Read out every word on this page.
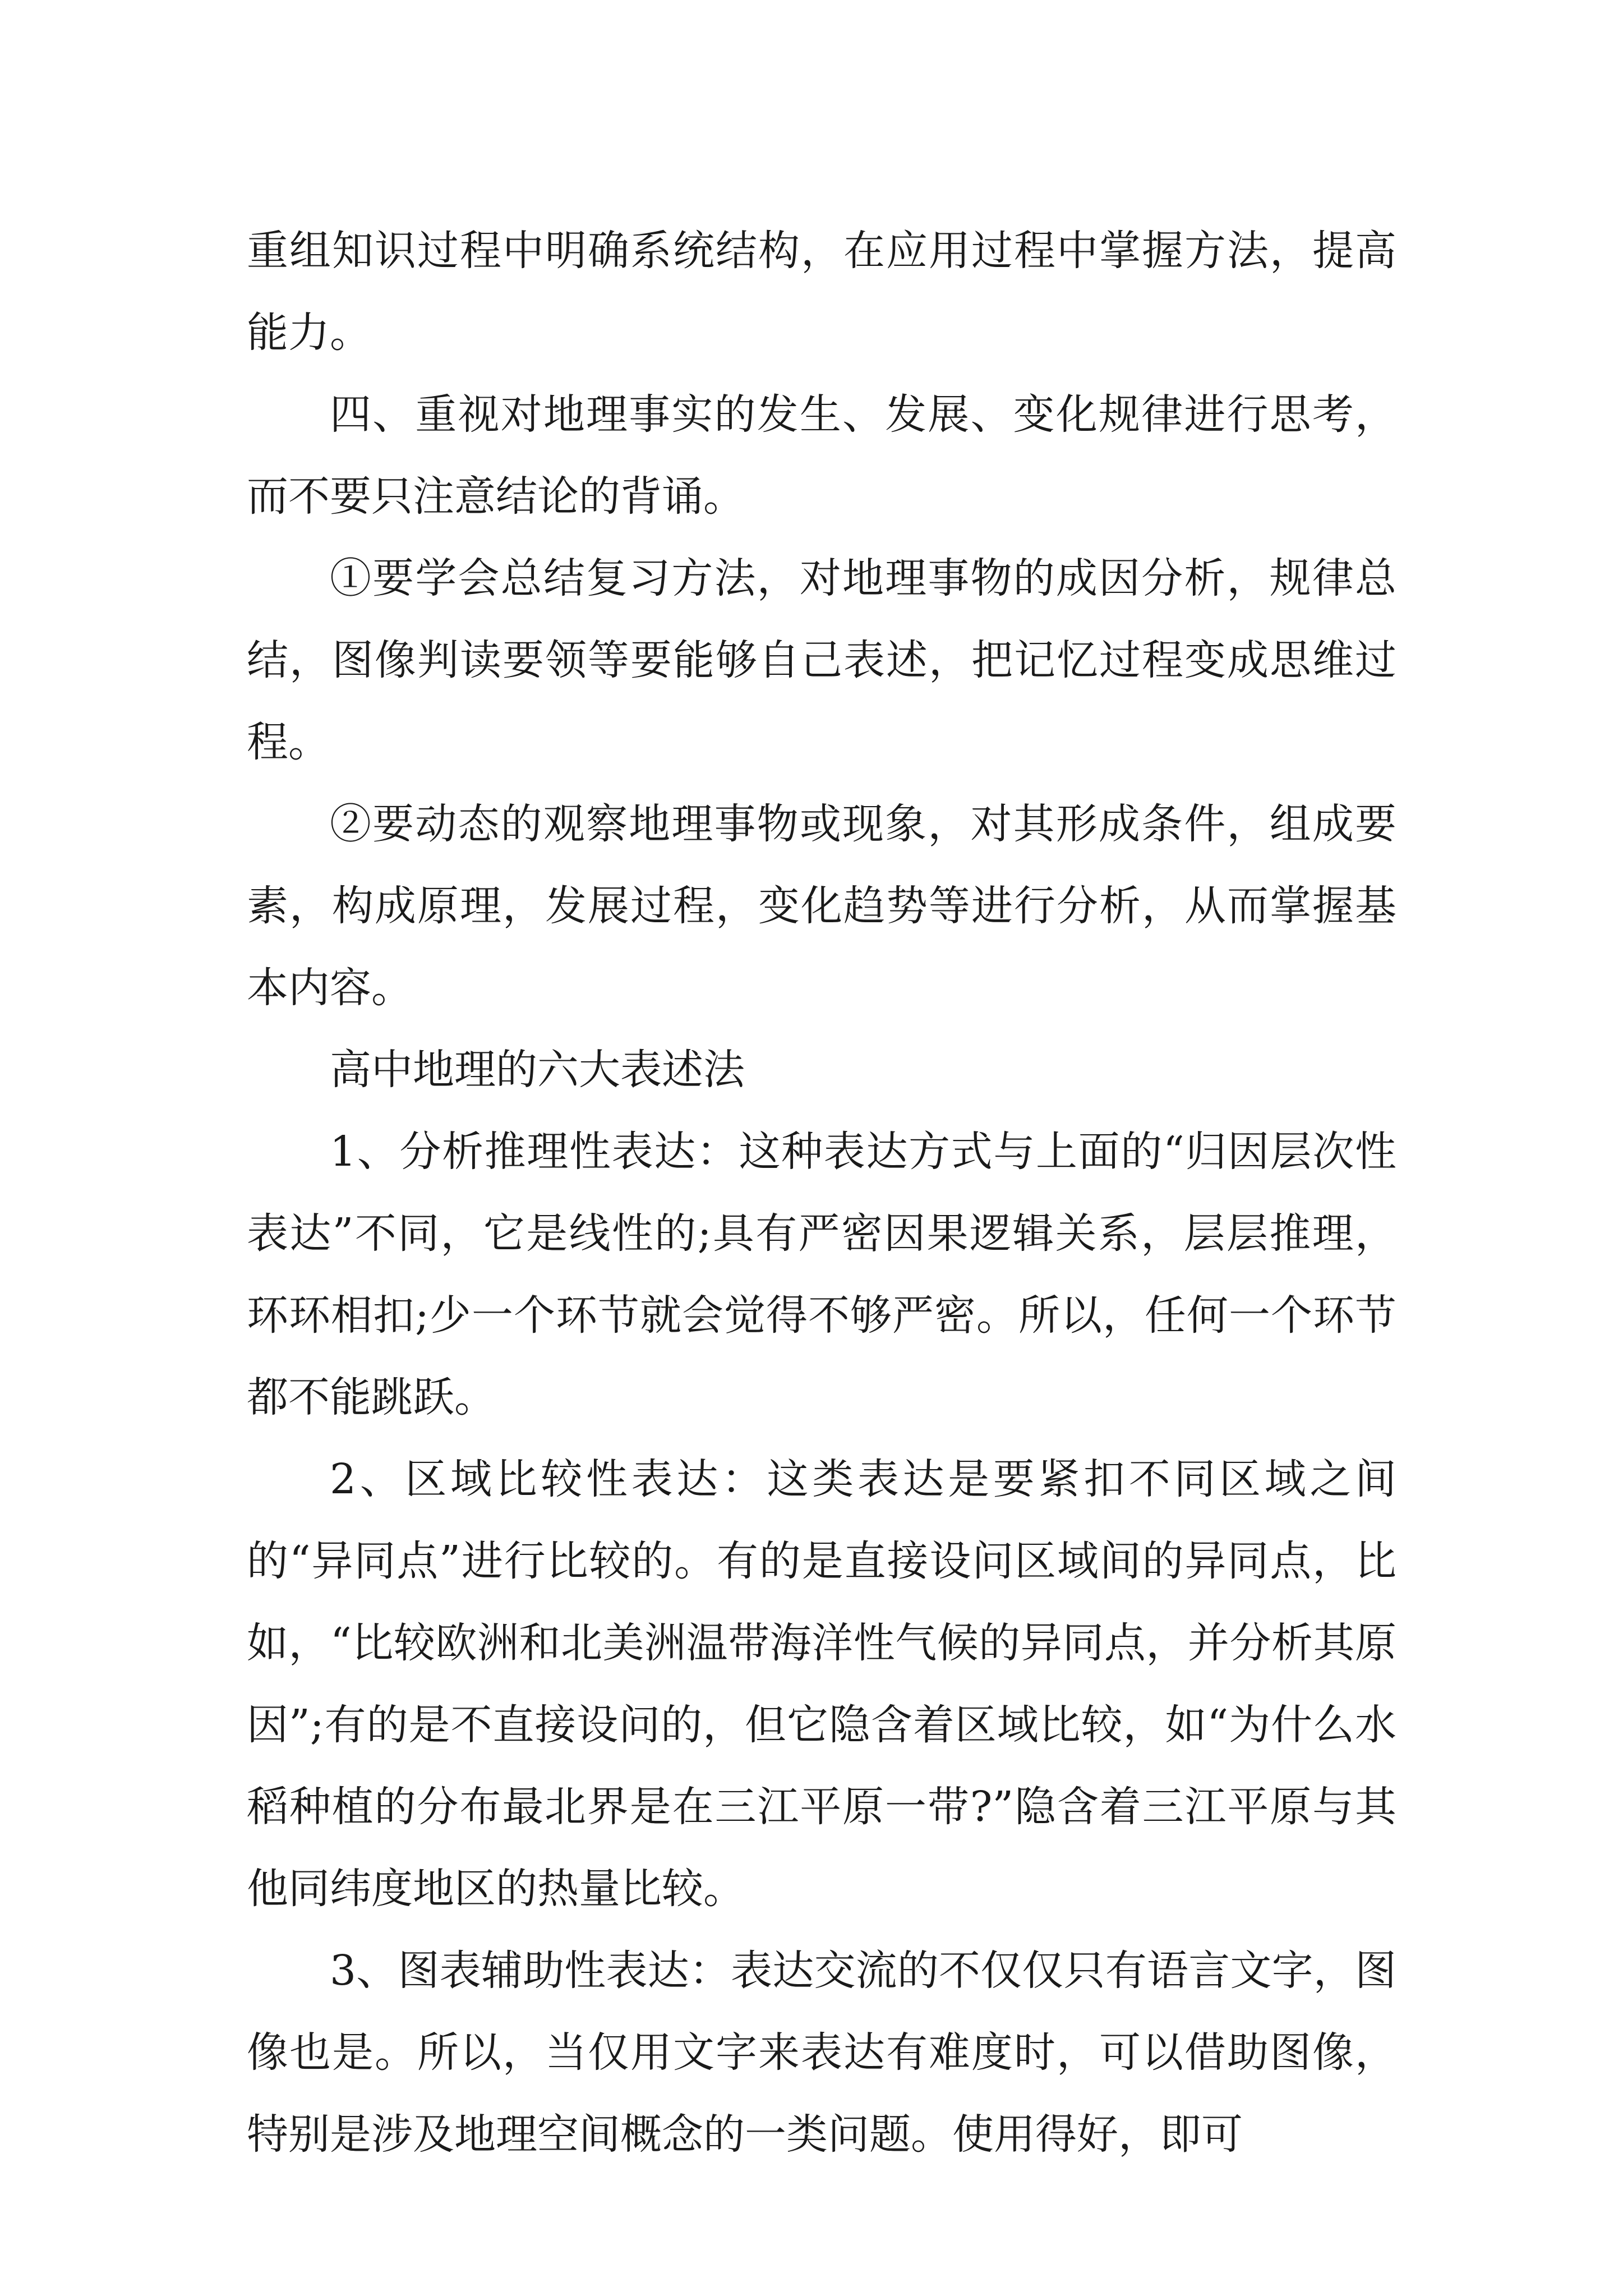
重组知识过程中明确系统结构，在应用过程中掌握方法，提高能力。

四、重视对地理事实的发生、发展、变化规律进行思考，而不要只注意结论的背诵。

①要学会总结复习方法，对地理事物的成因分析，规律总结，图像判读要领等要能够自己表述，把记忆过程变成思维过程。

②要动态的观察地理事物或现象，对其形成条件，组成要素，构成原理，发展过程，变化趋势等进行分析，从而掌握基本内容。

高中地理的六大表述法

1、分析推理性表达：这种表达方式与上面的“归因层次性表达”不同，它是线性的;具有严密因果逻辑关系，层层推理，环环相扣;少一个环节就会觉得不够严密。所以，任何一个环节都不能跳跃。

2、区域比较性表达：这类表达是要紧扣不同区域之间的“异同点”进行比较的。有的是直接设问区域间的异同点，比如，“比较欧洲和北美洲温带海洋性气候的异同点，并分析其原因”;有的是不直接设问的，但它隐含着区域比较，如“为什么水稻种植的分布最北界是在三江平原一带?”隐含着三江平原与其他同纬度地区的热量比较。

3、图表辅助性表达：表达交流的不仅仅只有语言文字，图像也是。所以，当仅用文字来表达有难度时，可以借助图像，特别是涉及地理空间概念的一类问题。使用得好，即可
